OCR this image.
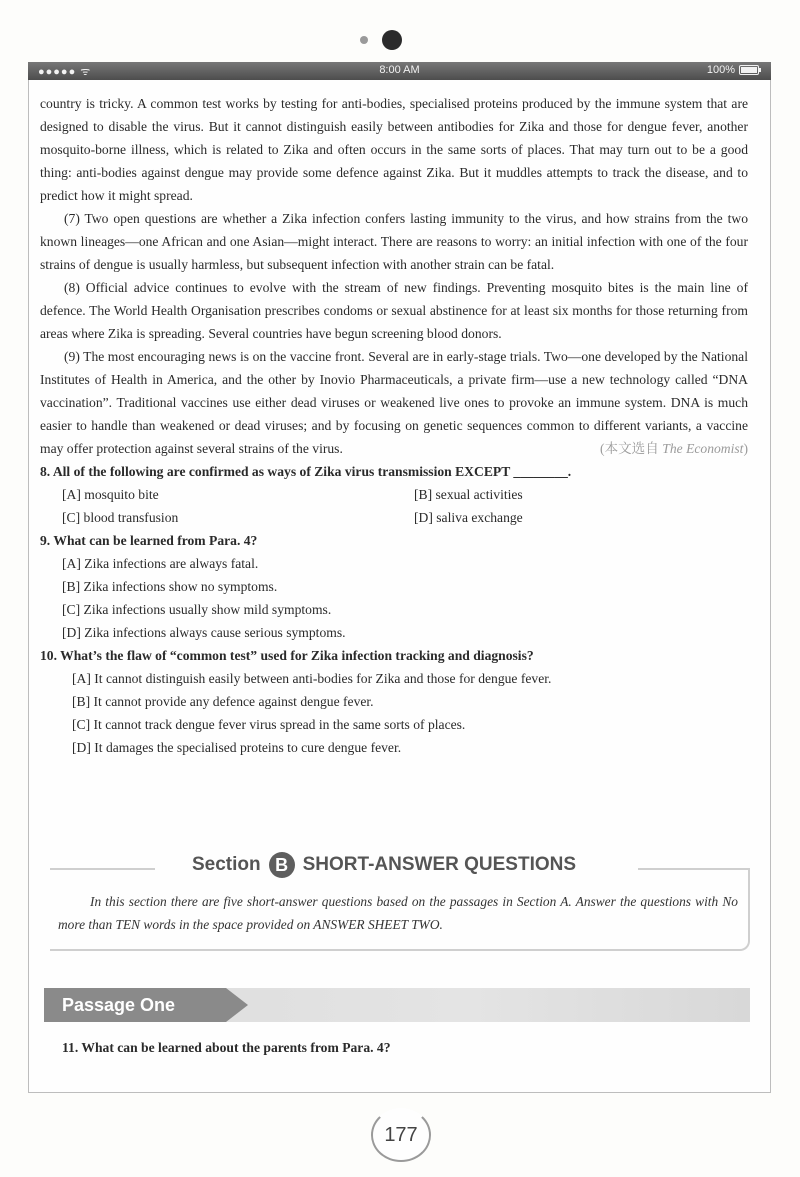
●●●●● ᯤ	8:00 AM	100%

country is tricky. A common test works by testing for anti-bodies, specialised proteins produced by the immune system that are designed to disable the virus. But it cannot distinguish easily between antibodies for Zika and those for dengue fever, another mosquito-borne illness, which is related to Zika and often occurs in the same sorts of places. That may turn out to be a good thing: anti-bodies against dengue may provide some defence against Zika. But it muddles attempts to track the disease, and to predict how it might spread.

(7) Two open questions are whether a Zika infection confers lasting immunity to the virus, and how strains from the two known lineages—one African and one Asian—might interact. There are reasons to worry: an initial infection with one of the four strains of dengue is usually harmless, but subsequent infection with another strain can be fatal.

(8) Official advice continues to evolve with the stream of new findings. Preventing mosquito bites is the main line of defence. The World Health Organisation prescribes condoms or sexual abstinence for at least six months for those returning from areas where Zika is spreading. Several countries have begun screening blood donors.

(9) The most encouraging news is on the vaccine front. Several are in early-stage trials. Two—one developed by the National Institutes of Health in America, and the other by Inovio Pharmaceuticals, a private firm—use a new technology called “DNA vaccination”. Traditional vaccines use either dead viruses or weakened live ones to provoke an immune system. DNA is much easier to handle than weakened or dead viruses; and by focusing on genetic sequences common to different variants, a vaccine may offer protection against several strains of the virus.	(本文选自 The Economist)

8. All of the following are confirmed as ways of Zika virus transmission EXCEPT ________.

[A] mosquito bite	[B] sexual activities
[C] blood transfusion	[D] saliva exchange

9. What can be learned from Para. 4?

[A] Zika infections are always fatal.
[B] Zika infections show no symptoms.
[C] Zika infections usually show mild symptoms.
[D] Zika infections always cause serious symptoms.

10. What’s the flaw of “common test” used for Zika infection tracking and diagnosis?

[A] It cannot distinguish easily between anti-bodies for Zika and those for dengue fever.
[B] It cannot provide any defence against dengue fever.
[C] It cannot track dengue fever virus spread in the same sorts of places.
[D] It damages the specialised proteins to cure dengue fever.
Section B SHORT-ANSWER QUESTIONS
In this section there are five short-answer questions based on the passages in Section A. Answer the questions with No more than TEN words in the space provided on ANSWER SHEET TWO.
Passage One
11. What can be learned about the parents from Para. 4?
177
